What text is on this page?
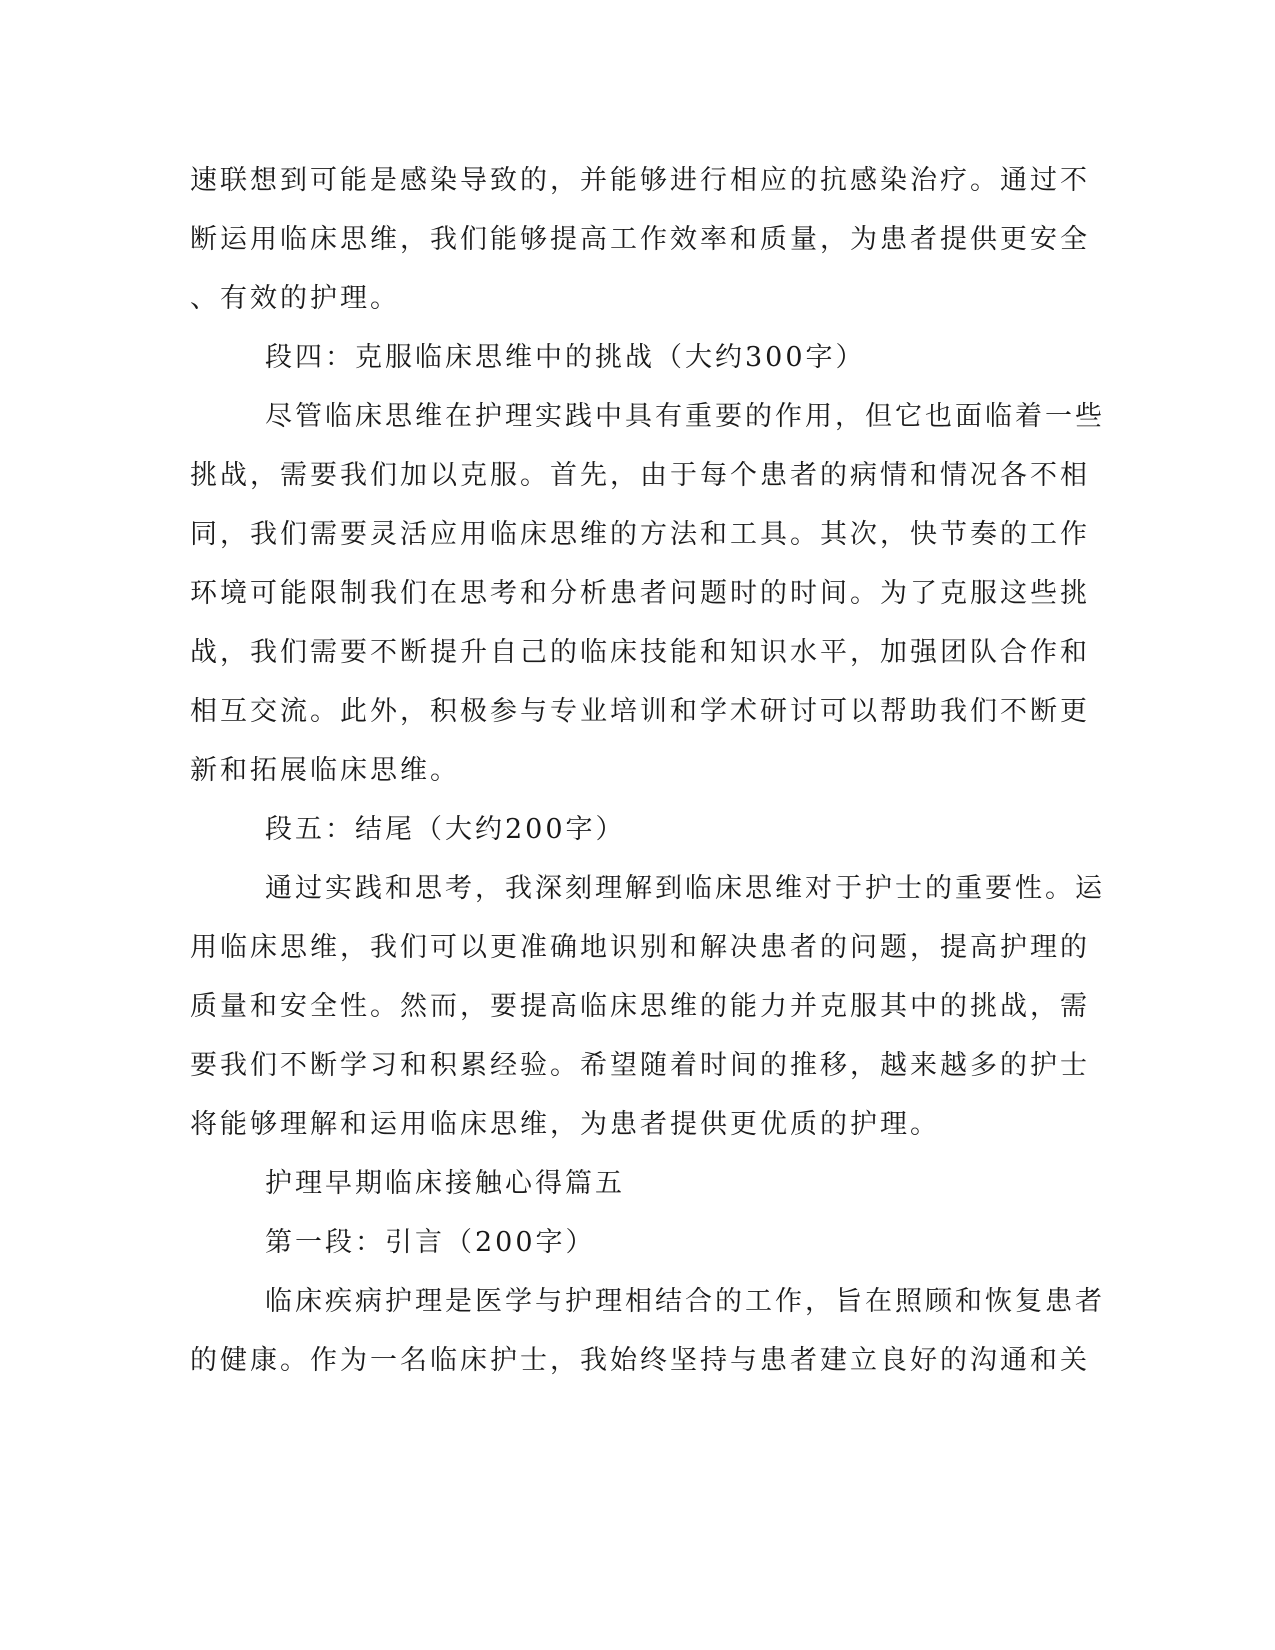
速联想到可能是感染导致的，并能够进行相应的抗感染治疗。通过不
断运用临床思维，我们能够提高工作效率和质量，为患者提供更安全
、有效的护理。
段四：克服临床思维中的挑战（大约300字）
尽管临床思维在护理实践中具有重要的作用，但它也面临着一些
挑战，需要我们加以克服。首先，由于每个患者的病情和情况各不相
同，我们需要灵活应用临床思维的方法和工具。其次，快节奏的工作
环境可能限制我们在思考和分析患者问题时的时间。为了克服这些挑
战，我们需要不断提升自己的临床技能和知识水平，加强团队合作和
相互交流。此外，积极参与专业培训和学术研讨可以帮助我们不断更
新和拓展临床思维。
段五：结尾（大约200字）
通过实践和思考，我深刻理解到临床思维对于护士的重要性。运
用临床思维，我们可以更准确地识别和解决患者的问题，提高护理的
质量和安全性。然而，要提高临床思维的能力并克服其中的挑战，需
要我们不断学习和积累经验。希望随着时间的推移，越来越多的护士
将能够理解和运用临床思维，为患者提供更优质的护理。
护理早期临床接触心得篇五
第一段：引言（200字）
临床疾病护理是医学与护理相结合的工作，旨在照顾和恢复患者
的健康。作为一名临床护士，我始终坚持与患者建立良好的沟通和关
